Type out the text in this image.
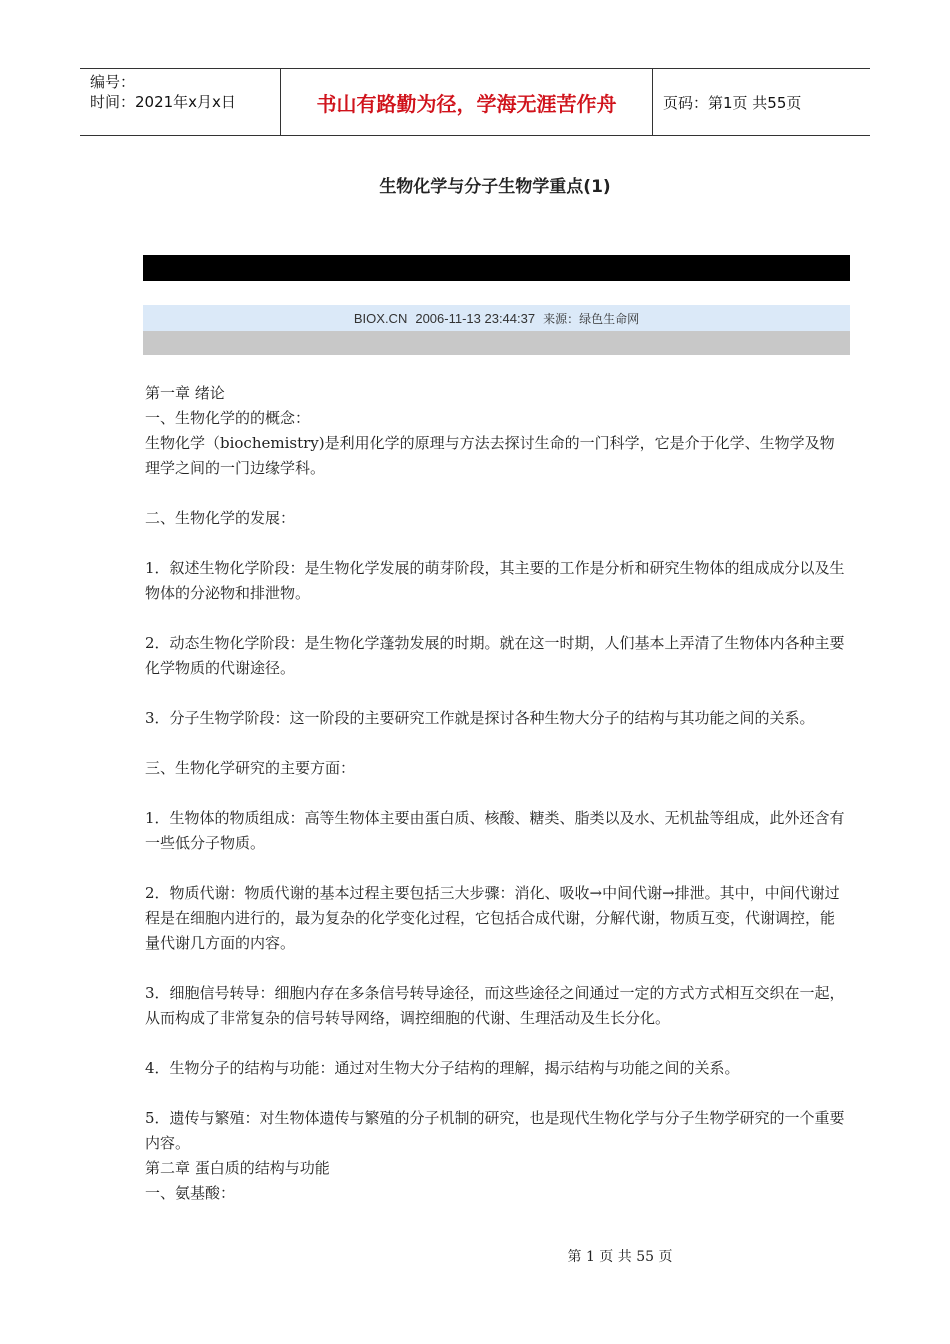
编号：
时间：2021年x月x日	书山有路勤为径，学海无涯苦作舟	页码：第1页 共55页
生物化学与分子生物学重点(1)
BIOX.CN 2006-11-13 23:44:37 来源：绿色生命网

第一章 绪论

一、生物化学的的概念：

生物化学（biochemistry)是利用化学的原理与方法去探讨生命的一门科学，它是介于化学、生物学及物理学之间的一门边缘学科。

二、生物化学的发展：

1．叙述生物化学阶段：是生物化学发展的萌芽阶段，其主要的工作是分析和研究生物体的组成成分以及生物体的分泌物和排泄物。

2．动态生物化学阶段：是生物化学蓬勃发展的时期。就在这一时期，人们基本上弄清了生物体内各种主要化学物质的代谢途径。

3．分子生物学阶段：这一阶段的主要研究工作就是探讨各种生物大分子的结构与其功能之间的关系。

三、生物化学研究的主要方面：

1．生物体的物质组成：高等生物体主要由蛋白质、核酸、糖类、脂类以及水、无机盐等组成，此外还含有一些低分子物质。

2．物质代谢：物质代谢的基本过程主要包括三大步骤：消化、吸收→中间代谢→排泄。其中，中间代谢过程是在细胞内进行的，最为复杂的化学变化过程，它包括合成代谢，分解代谢，物质互变，代谢调控，能量代谢几方面的内容。

3．细胞信号转导：细胞内存在多条信号转导途径，而这些途径之间通过一定的方式方式相互交织在一起，从而构成了非常复杂的信号转导网络，调控细胞的代谢、生理活动及生长分化。

4．生物分子的结构与功能：通过对生物大分子结构的理解，揭示结构与功能之间的关系。

5．遗传与繁殖：对生物体遗传与繁殖的分子机制的研究，也是现代生物化学与分子生物学研究的一个重要内容。

第二章 蛋白质的结构与功能

一、氨基酸：

第 1 页 共 55 页
